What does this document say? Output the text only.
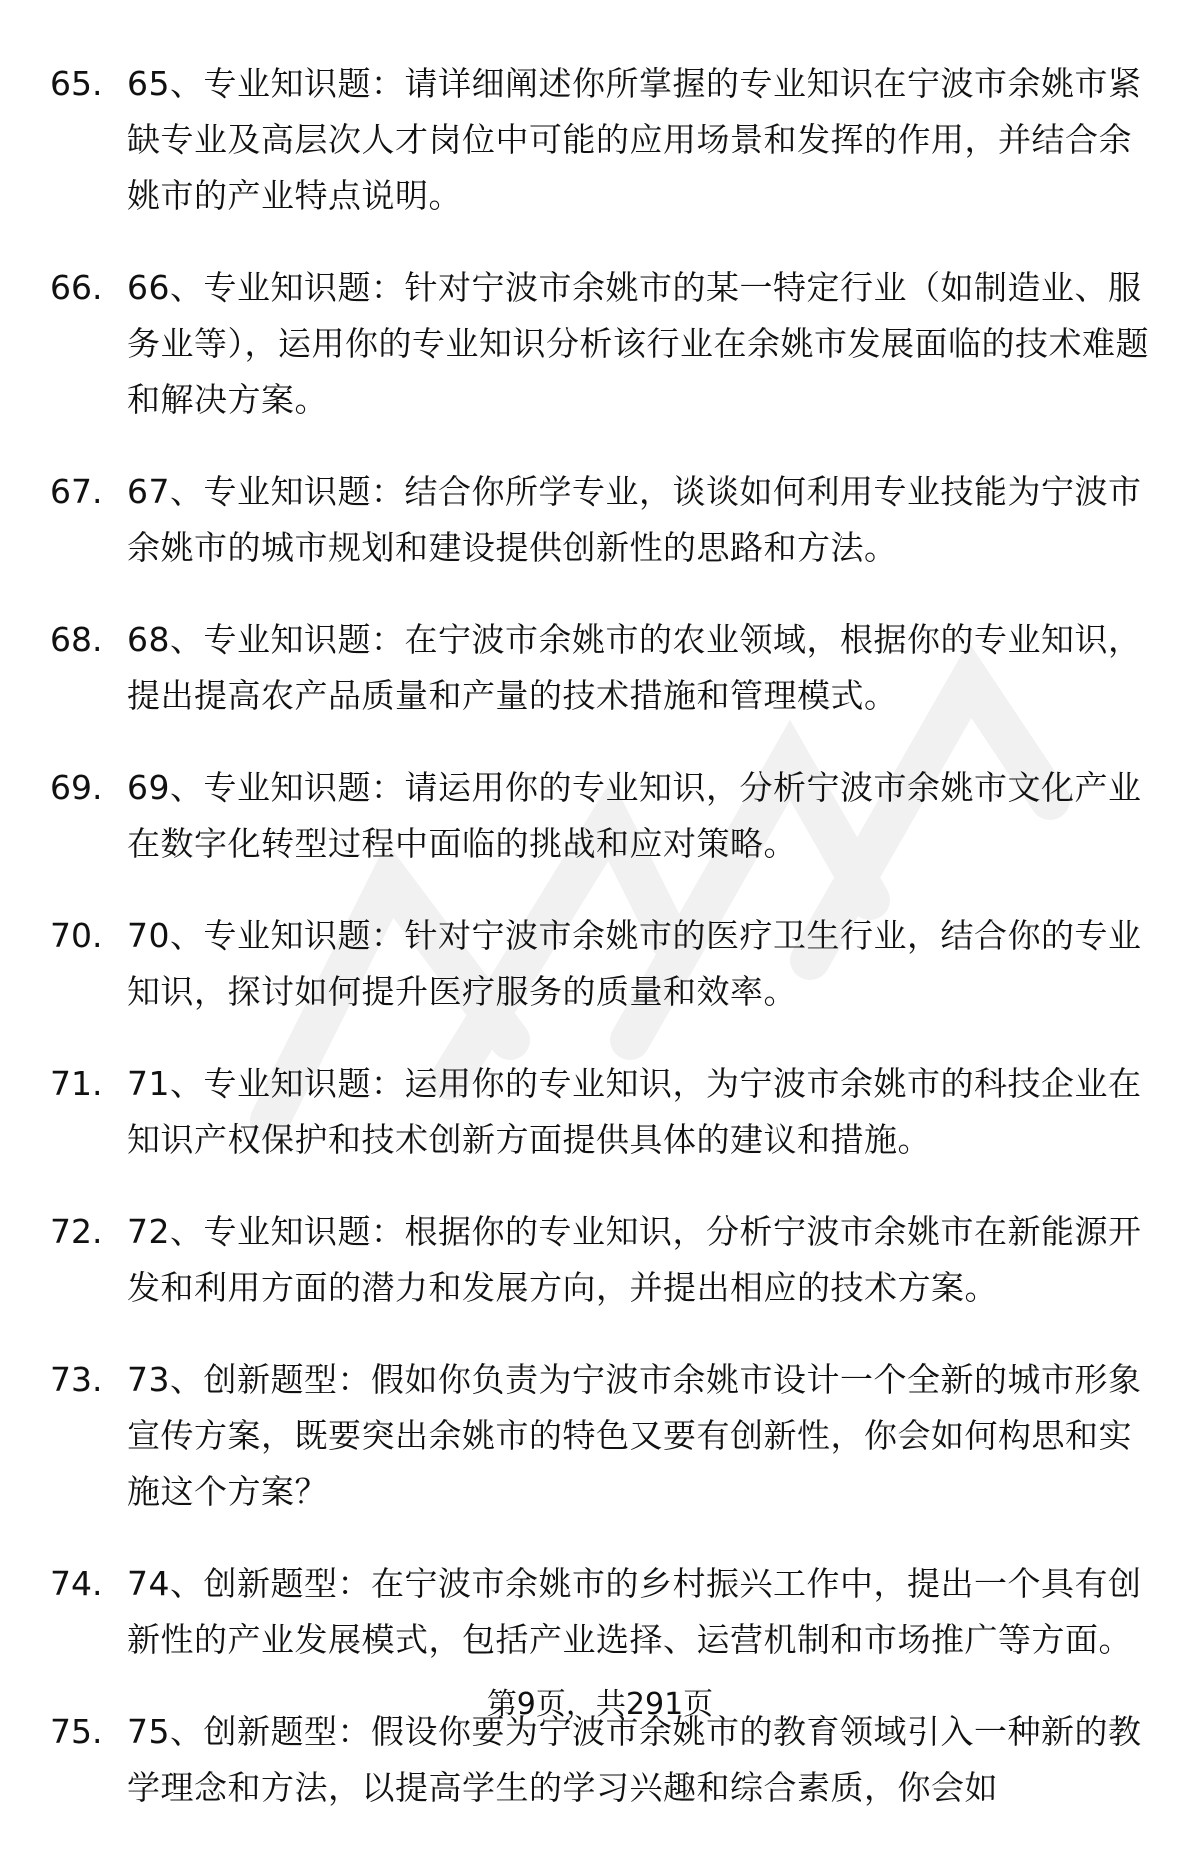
65. 65、专业知识题：请详细阐述你所掌握的专业知识在宁波市余姚市紧缺专业及高层次人才岗位中可能的应用场景和发挥的作用，并结合余姚市的产业特点说明。
66. 66、专业知识题：针对宁波市余姚市的某一特定行业（如制造业、服务业等），运用你的专业知识分析该行业在余姚市发展面临的技术难题和解决方案。
67. 67、专业知识题：结合你所学专业，谈谈如何利用专业技能为宁波市余姚市的城市规划和建设提供创新性的思路和方法。
68. 68、专业知识题：在宁波市余姚市的农业领域，根据你的专业知识，提出提高农产品质量和产量的技术措施和管理模式。
69. 69、专业知识题：请运用你的专业知识，分析宁波市余姚市文化产业在数字化转型过程中面临的挑战和应对策略。
70. 70、专业知识题：针对宁波市余姚市的医疗卫生行业，结合你的专业知识，探讨如何提升医疗服务的质量和效率。
71. 71、专业知识题：运用你的专业知识，为宁波市余姚市的科技企业在知识产权保护和技术创新方面提供具体的建议和措施。
72. 72、专业知识题：根据你的专业知识，分析宁波市余姚市在新能源开发和利用方面的潜力和发展方向，并提出相应的技术方案。
73. 73、创新题型：假如你负责为宁波市余姚市设计一个全新的城市形象宣传方案，既要突出余姚市的特色又要有创新性，你会如何构思和实施这个方案？
74. 74、创新题型：在宁波市余姚市的乡村振兴工作中，提出一个具有创新性的产业发展模式，包括产业选择、运营机制和市场推广等方面。
75. 75、创新题型：假设你要为宁波市余姚市的教育领域引入一种新的教学理念和方法，以提高学生的学习兴趣和综合素质，你会如
第9页，共291页
